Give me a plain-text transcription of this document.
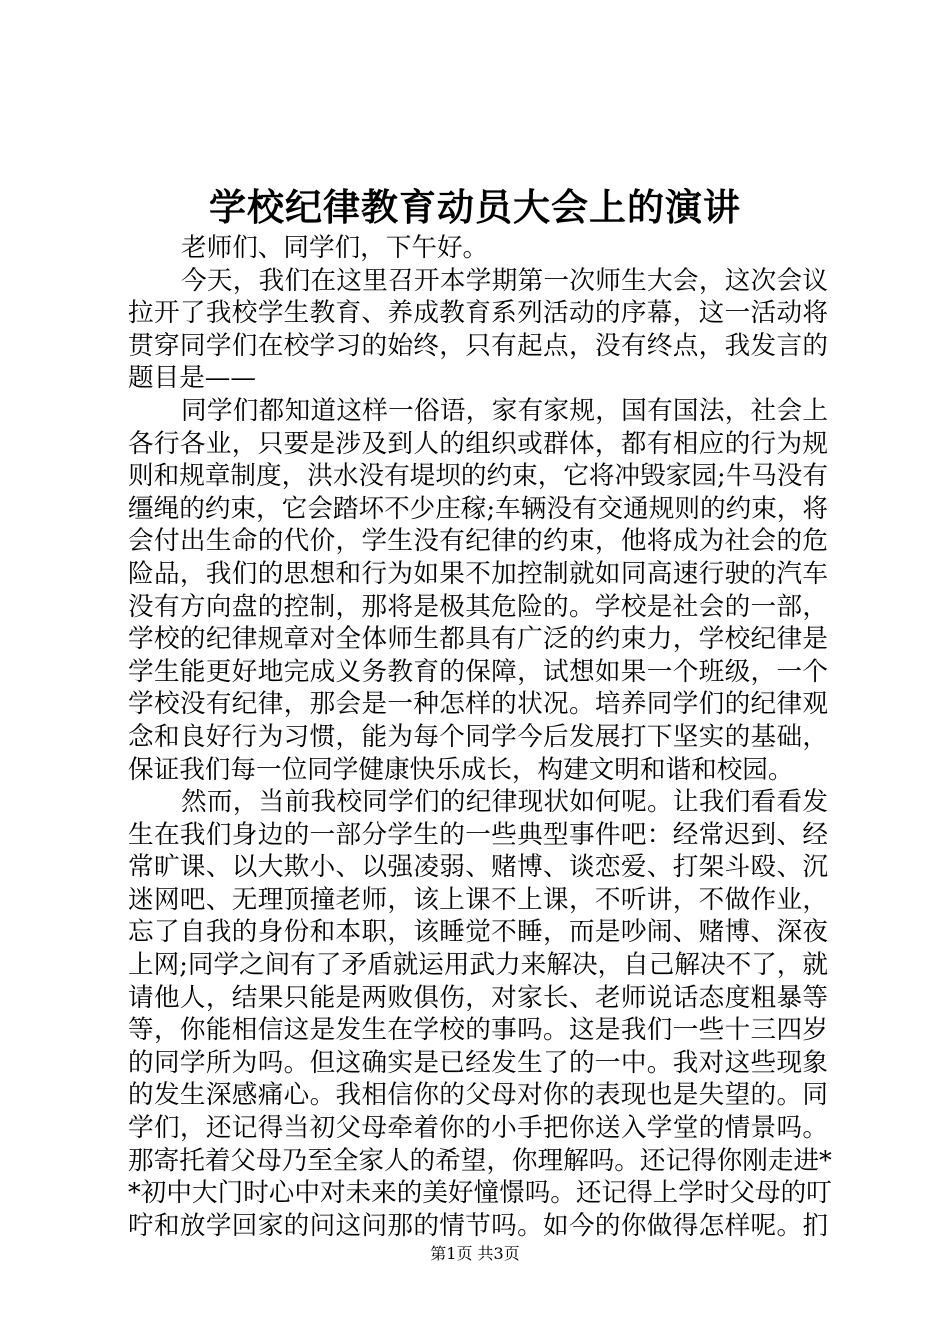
学校纪律教育动员大会上的演讲
老师们、同学们，下午好。
今天，我们在这里召开本学期第一次师生大会，这次会议
拉开了我校学生教育、养成教育系列活动的序幕，这一活动将
贯穿同学们在校学习的始终，只有起点，没有终点，我发言的
题目是——
同学们都知道这样一俗语，家有家规，国有国法，社会上
各行各业，只要是涉及到人的组织或群体，都有相应的行为规
则和规章制度，洪水没有堤坝的约束，它将冲毁家园;牛马没有
缰绳的约束，它会踏坏不少庄稼;车辆没有交通规则的约束，将
会付出生命的代价，学生没有纪律的约束，他将成为社会的危
险品，我们的思想和行为如果不加控制就如同高速行驶的汽车
没有方向盘的控制，那将是极其危险的。学校是社会的一部，
学校的纪律规章对全体师生都具有广泛的约束力，学校纪律是
学生能更好地完成义务教育的保障，试想如果一个班级，一个
学校没有纪律，那会是一种怎样的状况。培养同学们的纪律观
念和良好行为习惯，能为每个同学今后发展打下坚实的基础，
保证我们每一位同学健康快乐成长，构建文明和谐和校园。
然而，当前我校同学们的纪律现状如何呢。让我们看看发
生在我们身边的一部分学生的一些典型事件吧：经常迟到、经
常旷课、以大欺小、以强凌弱、赌博、谈恋爱、打架斗殴、沉
迷网吧、无理顶撞老师，该上课不上课，不听讲，不做作业，
忘了自我的身份和本职，该睡觉不睡，而是吵闹、赌博、深夜
上网;同学之间有了矛盾就运用武力来解决，自己解决不了，就
请他人，结果只能是两败俱伤，对家长、老师说话态度粗暴等
等，你能相信这是发生在学校的事吗。这是我们一些十三四岁
的同学所为吗。但这确实是已经发生了的一中。我对这些现象
的发生深感痛心。我相信你的父母对你的表现也是失望的。同
学们，还记得当初父母牵着你的小手把你送入学堂的情景吗。
那寄托着父母乃至全家人的希望，你理解吗。还记得你刚走进*
*初中大门时心中对未来的美好憧憬吗。还记得上学时父母的叮
咛和放学回家的问这问那的情节吗。如今的你做得怎样呢。扪
第1页 共3页
